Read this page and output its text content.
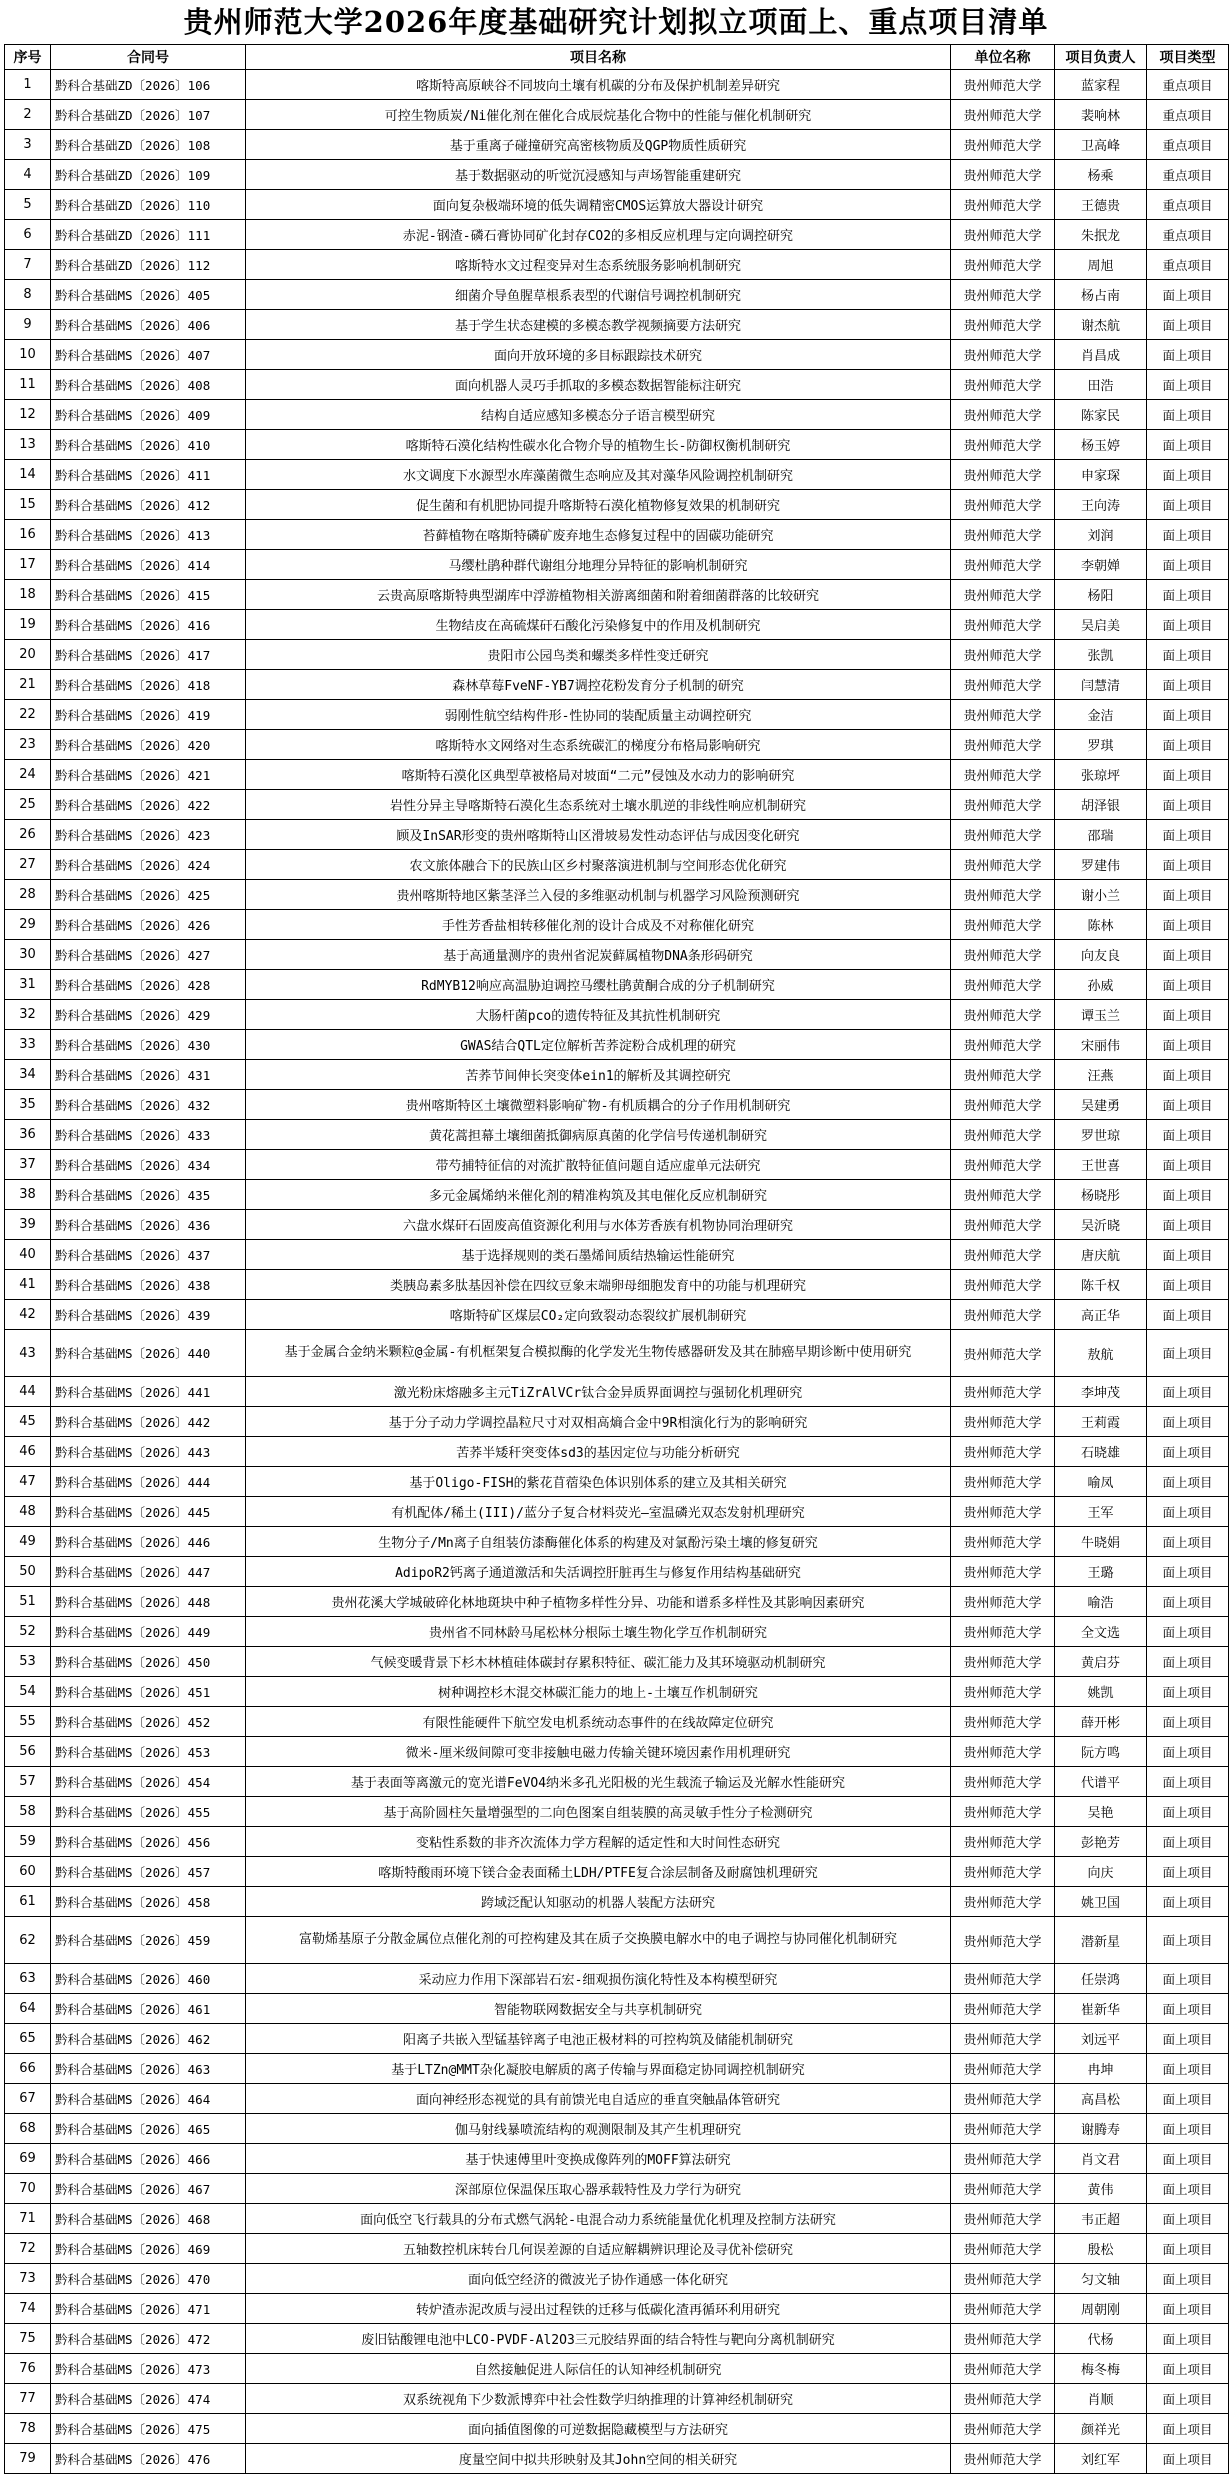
贵州师范大学2026年度基础研究计划拟立项面上、重点项目清单
序号	合同号	项目名称	单位名称	项目负责人	项目类型
1	黔科合基础ZD〔2026〕106	喀斯特高原峡谷不同坡向土壤有机碳的分布及保护机制差异研究	贵州师范大学	蓝家程	重点项目
2	黔科合基础ZD〔2026〕107	可控生物质炭/Ni催化剂在催化合成辰烷基化合物中的性能与催化机制研究	贵州师范大学	裴响林	重点项目
3	黔科合基础ZD〔2026〕108	基于重离子碰撞研究高密核物质及QGP物质性质研究	贵州师范大学	卫高峰	重点项目
4	黔科合基础ZD〔2026〕109	基于数据驱动的听觉沉浸感知与声场智能重建研究	贵州师范大学	杨乘	重点项目
5	黔科合基础ZD〔2026〕110	面向复杂极端环境的低失调精密CMOS运算放大器设计研究	贵州师范大学	王德贵	重点项目
6	黔科合基础ZD〔2026〕111	赤泥-钢渣-磷石膏协同矿化封存CO2的多相反应机理与定向调控研究	贵州师范大学	朱抿龙	重点项目
7	黔科合基础ZD〔2026〕112	喀斯特水文过程变异对生态系统服务影响机制研究	贵州师范大学	周旭	重点项目
8	黔科合基础MS〔2026〕405	细菌介导鱼腥草根系表型的代谢信号调控机制研究	贵州师范大学	杨占南	面上项目
9	黔科合基础MS〔2026〕406	基于学生状态建模的多模态教学视频摘要方法研究	贵州师范大学	谢杰航	面上项目
10	黔科合基础MS〔2026〕407	面向开放环境的多目标跟踪技术研究	贵州师范大学	肖昌成	面上项目
11	黔科合基础MS〔2026〕408	面向机器人灵巧手抓取的多模态数据智能标注研究	贵州师范大学	田浩	面上项目
12	黔科合基础MS〔2026〕409	结构自适应感知多模态分子语言模型研究	贵州师范大学	陈家民	面上项目
13	黔科合基础MS〔2026〕410	喀斯特石漠化结构性碳水化合物介导的植物生长-防御权衡机制研究	贵州师范大学	杨玉婷	面上项目
14	黔科合基础MS〔2026〕411	水文调度下水源型水库藻菌微生态响应及其对藻华风险调控机制研究	贵州师范大学	申家琛	面上项目
15	黔科合基础MS〔2026〕412	促生菌和有机肥协同提升喀斯特石漠化植物修复效果的机制研究	贵州师范大学	王向涛	面上项目
16	黔科合基础MS〔2026〕413	苔藓植物在喀斯特磷矿废弃地生态修复过程中的固碳功能研究	贵州师范大学	刘润	面上项目
17	黔科合基础MS〔2026〕414	马缨杜鹃种群代谢组分地理分异特征的影响机制研究	贵州师范大学	李朝婵	面上项目
18	黔科合基础MS〔2026〕415	云贵高原喀斯特典型湖库中浮游植物相关游离细菌和附着细菌群落的比较研究	贵州师范大学	杨阳	面上项目
19	黔科合基础MS〔2026〕416	生物结皮在高硫煤矸石酸化污染修复中的作用及机制研究	贵州师范大学	吴启美	面上项目
20	黔科合基础MS〔2026〕417	贵阳市公园鸟类和螺类多样性变迁研究	贵州师范大学	张凯	面上项目
21	黔科合基础MS〔2026〕418	森林草莓FveNF-YB7调控花粉发育分子机制的研究	贵州师范大学	闫慧清	面上项目
22	黔科合基础MS〔2026〕419	弱刚性航空结构件形-性协同的装配质量主动调控研究	贵州师范大学	金洁	面上项目
23	黔科合基础MS〔2026〕420	喀斯特水文网络对生态系统碳汇的梯度分布格局影响研究	贵州师范大学	罗琪	面上项目
24	黔科合基础MS〔2026〕421	喀斯特石漠化区典型草被格局对坡面“二元”侵蚀及水动力的影响研究	贵州师范大学	张琼坪	面上项目
25	黔科合基础MS〔2026〕422	岩性分异主导喀斯特石漠化生态系统对土壤水肌逆的非线性响应机制研究	贵州师范大学	胡泽银	面上项目
26	黔科合基础MS〔2026〕423	顾及InSAR形变的贵州喀斯特山区滑坡易发性动态评估与成因变化研究	贵州师范大学	邵瑞	面上项目
27	黔科合基础MS〔2026〕424	农文旅体融合下的民族山区乡村聚落演进机制与空间形态优化研究	贵州师范大学	罗建伟	面上项目
28	黔科合基础MS〔2026〕425	贵州喀斯特地区紫茎泽兰入侵的多维驱动机制与机器学习风险预测研究	贵州师范大学	谢小兰	面上项目
29	黔科合基础MS〔2026〕426	手性芳香盐相转移催化剂的设计合成及不对称催化研究	贵州师范大学	陈林	面上项目
30	黔科合基础MS〔2026〕427	基于高通量测序的贵州省泥炭藓属植物DNA条形码研究	贵州师范大学	向友良	面上项目
31	黔科合基础MS〔2026〕428	RdMYB12响应高温胁迫调控马缨杜鹃黄酮合成的分子机制研究	贵州师范大学	孙威	面上项目
32	黔科合基础MS〔2026〕429	大肠杆菌pco的遗传特征及其抗性机制研究	贵州师范大学	谭玉兰	面上项目
33	黔科合基础MS〔2026〕430	GWAS结合QTL定位解析苦荞淀粉合成机理的研究	贵州师范大学	宋丽伟	面上项目
34	黔科合基础MS〔2026〕431	苦荞节间伸长突变体ein1的解析及其调控研究	贵州师范大学	汪燕	面上项目
35	黔科合基础MS〔2026〕432	贵州喀斯特区土壤微塑料影响矿物-有机质耦合的分子作用机制研究	贵州师范大学	吴建勇	面上项目
36	黔科合基础MS〔2026〕433	黄花蒿担幕土壤细菌抵御病原真菌的化学信号传递机制研究	贵州师范大学	罗世琼	面上项目
37	黔科合基础MS〔2026〕434	带芍捕特征信的对流扩散特征值问题自适应虚单元法研究	贵州师范大学	王世喜	面上项目
38	黔科合基础MS〔2026〕435	多元金属烯纳米催化剂的精准构筑及其电催化反应机制研究	贵州师范大学	杨晓彤	面上项目
39	黔科合基础MS〔2026〕436	六盘水煤矸石固废高值资源化利用与水体芳香族有机物协同治理研究	贵州师范大学	吴沂晓	面上项目
40	黔科合基础MS〔2026〕437	基于选择规则的类石墨烯间质结热输运性能研究	贵州师范大学	唐庆航	面上项目
41	黔科合基础MS〔2026〕438	类胰岛素多肽基因补偿在四纹豆象末端卵母细胞发育中的功能与机理研究	贵州师范大学	陈千权	面上项目
42	黔科合基础MS〔2026〕439	喀斯特矿区煤层CO₂定向致裂动态裂纹扩展机制研究	贵州师范大学	高正华	面上项目
43	黔科合基础MS〔2026〕440	基于金属合金纳米颗粒@金属-有机框架复合模拟酶的化学发光生物传感器研发及其在肺癌早期诊断中使用研究	贵州师范大学	敖航	面上项目
44	黔科合基础MS〔2026〕441	激光粉床熔融多主元TiZrAlVCr钛合金异质界面调控与强韧化机理研究	贵州师范大学	李坤茂	面上项目
45	黔科合基础MS〔2026〕442	基于分子动力学调控晶粒尺寸对双相高熵合金中9R相演化行为的影响研究	贵州师范大学	王莉霞	面上项目
46	黔科合基础MS〔2026〕443	苦荞半矮秆突变体sd3的基因定位与功能分析研究	贵州师范大学	石晓雄	面上项目
47	黔科合基础MS〔2026〕444	基于Oligo-FISH的紫花苜蓿染色体识别体系的建立及其相关研究	贵州师范大学	喻凤	面上项目
48	黔科合基础MS〔2026〕445	有机配体/稀土(III)/蓝分子复合材料荧光—室温磷光双态发射机理研究	贵州师范大学	王军	面上项目
49	黔科合基础MS〔2026〕446	生物分子/Mn离子自组装仿漆酶催化体系的构建及对氯酚污染土壤的修复研究	贵州师范大学	牛晓娟	面上项目
50	黔科合基础MS〔2026〕447	AdipoR2钙离子通道激活和失活调控肝脏再生与修复作用结构基础研究	贵州师范大学	王璐	面上项目
51	黔科合基础MS〔2026〕448	贵州花溪大学城破碎化林地斑块中种子植物多样性分异、功能和谱系多样性及其影响因素研究	贵州师范大学	喻浩	面上项目
52	黔科合基础MS〔2026〕449	贵州省不同林龄马尾松林分根际土壤生物化学互作机制研究	贵州师范大学	全文选	面上项目
53	黔科合基础MS〔2026〕450	气候变暖背景下杉木林植硅体碳封存累积特征、碳汇能力及其环境驱动机制研究	贵州师范大学	黄启芬	面上项目
54	黔科合基础MS〔2026〕451	树种调控杉木混交林碳汇能力的地上-土壤互作机制研究	贵州师范大学	姚凯	面上项目
55	黔科合基础MS〔2026〕452	有限性能硬件下航空发电机系统动态事件的在线故障定位研究	贵州师范大学	薛开彬	面上项目
56	黔科合基础MS〔2026〕453	微米-厘米级间隙可变非接触电磁力传输关键环境因素作用机理研究	贵州师范大学	阮方鸣	面上项目
57	黔科合基础MS〔2026〕454	基于表面等离激元的宽光谱FeVO4纳米多孔光阳极的光生载流子输运及光解水性能研究	贵州师范大学	代谱平	面上项目
58	黔科合基础MS〔2026〕455	基于高阶圆柱矢量增强型的二向色图案自组装膜的高灵敏手性分子检测研究	贵州师范大学	吴艳	面上项目
59	黔科合基础MS〔2026〕456	变粘性系数的非齐次流体力学方程解的适定性和大时间性态研究	贵州师范大学	彭艳芳	面上项目
60	黔科合基础MS〔2026〕457	喀斯特酸雨环境下镁合金表面稀土LDH/PTFE复合涂层制备及耐腐蚀机理研究	贵州师范大学	向庆	面上项目
61	黔科合基础MS〔2026〕458	跨域泛配认知驱动的机器人装配方法研究	贵州师范大学	姚卫国	面上项目
62	黔科合基础MS〔2026〕459	富勒烯基原子分散金属位点催化剂的可控构建及其在质子交换膜电解水中的电子调控与协同催化机制研究	贵州师范大学	潜新星	面上项目
63	黔科合基础MS〔2026〕460	采动应力作用下深部岩石宏-细观损伤演化特性及本构模型研究	贵州师范大学	任崇鸿	面上项目
64	黔科合基础MS〔2026〕461	智能物联网数据安全与共享机制研究	贵州师范大学	崔新华	面上项目
65	黔科合基础MS〔2026〕462	阳离子共嵌入型锰基锌离子电池正极材料的可控构筑及储能机制研究	贵州师范大学	刘远平	面上项目
66	黔科合基础MS〔2026〕463	基于LTZn@MMT杂化凝胶电解质的离子传输与界面稳定协同调控机制研究	贵州师范大学	冉坤	面上项目
67	黔科合基础MS〔2026〕464	面向神经形态视觉的具有前馈光电自适应的垂直突触晶体管研究	贵州师范大学	高昌松	面上项目
68	黔科合基础MS〔2026〕465	伽马射线暴喷流结构的观测限制及其产生机理研究	贵州师范大学	谢腾寿	面上项目
69	黔科合基础MS〔2026〕466	基于快速傅里叶变换成像阵列的MOFF算法研究	贵州师范大学	肖文君	面上项目
70	黔科合基础MS〔2026〕467	深部原位保温保压取心器承载特性及力学行为研究	贵州师范大学	黄伟	面上项目
71	黔科合基础MS〔2026〕468	面向低空飞行载具的分布式燃气涡轮-电混合动力系统能量优化机理及控制方法研究	贵州师范大学	韦正超	面上项目
72	黔科合基础MS〔2026〕469	五轴数控机床转台几何误差源的自适应解耦辨识理论及寻优补偿研究	贵州师范大学	殷松	面上项目
73	黔科合基础MS〔2026〕470	面向低空经济的微波光子协作通感一体化研究	贵州师范大学	匀文轴	面上项目
74	黔科合基础MS〔2026〕471	转炉渣赤泥改质与浸出过程铁的迁移与低碳化渣再循环利用研究	贵州师范大学	周朝刚	面上项目
75	黔科合基础MS〔2026〕472	废旧钴酸锂电池中LCO-PVDF-Al2O3三元胶结界面的结合特性与靶向分离机制研究	贵州师范大学	代杨	面上项目
76	黔科合基础MS〔2026〕473	自然接触促进人际信任的认知神经机制研究	贵州师范大学	梅冬梅	面上项目
77	黔科合基础MS〔2026〕474	双系统视角下少数派博弈中社会性数学归纳推理的计算神经机制研究	贵州师范大学	肖顺	面上项目
78	黔科合基础MS〔2026〕475	面向插值图像的可逆数据隐藏模型与方法研究	贵州师范大学	颜祥光	面上项目
79	黔科合基础MS〔2026〕476	度量空间中拟共形映射及其John空间的相关研究	贵州师范大学	刘红军	面上项目
